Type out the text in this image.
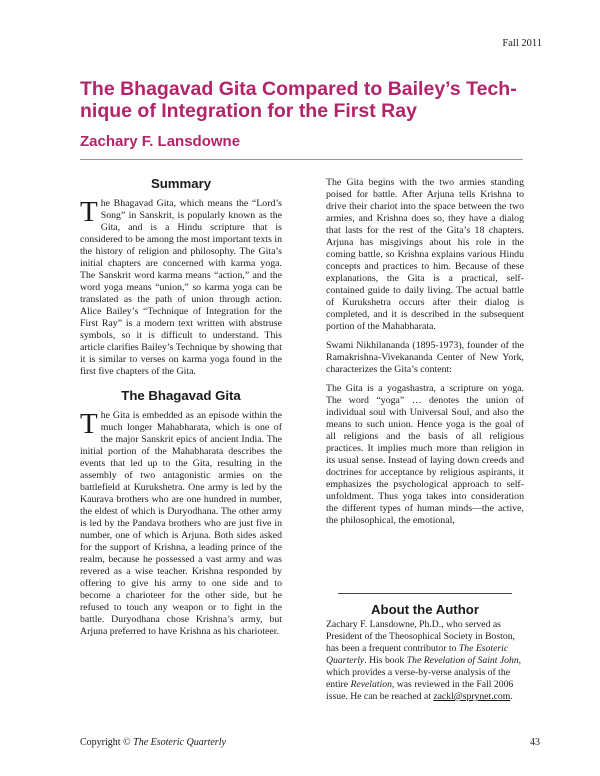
Fall 2011
The Bhagavad Gita Compared to Bailey’s Tech-nique of Integration for the First Ray
Zachary F. Lansdowne
Summary

The Bhagavad Gita, which means the “Lord’s Song” in Sanskrit, is popularly known as the Gita, and is a Hindu scripture that is considered to be among the most important texts in the history of religion and philosophy. The Gita’s initial chapters are concerned with karma yoga. The Sanskrit word karma means “action,” and the word yoga means “union,” so karma yoga can be translated as the path of union through action. Alice Bailey’s “Technique of Integration for the First Ray” is a modern text written with abstruse symbols, so it is difficult to understand. This article clarifies Bailey’s Technique by showing that it is similar to verses on karma yoga found in the first five chapters of the Gita.

The Bhagavad Gita

The Gita is embedded as an episode within the much longer Mahabharata, which is one of the major Sanskrit epics of ancient India. The initial portion of the Mahabharata describes the events that led up to the Gita, resulting in the assembly of two antagonistic armies on the battlefield at Kurukshetra. One army is led by the Kaurava brothers who are one hundred in number, the eldest of which is Duryodhana. The other army is led by the Pandava brothers who are just five in number, one of which is Arjuna. Both sides asked for the support of Krishna, a leading prince of the realm, because he possessed a vast army and was revered as a wise teacher. Krishna responded by offering to give his army to one side and to become a charioteer for the other side, but he refused to touch any weapon or to fight in the battle. Duryodhana chose Krishna’s army, but Arjuna preferred to have Krishna as his charioteer.

The Gita begins with the two armies standing poised for battle. After Arjuna tells Krishna to drive their chariot into the space between the two armies, and Krishna does so, they have a dialog that lasts for the rest of the Gita’s 18 chapters. Arjuna has misgivings about his role in the coming battle, so Krishna explains various Hindu concepts and practices to him. Because of these explanations, the Gita is a practical, self-contained guide to daily living. The actual battle of Kurukshetra occurs after their dialog is completed, and it is described in the subsequent portion of the Mahabharata.

Swami Nikhilananda (1895-1973), founder of the Ramakrishna-Vivekananda Center of New York, characterizes the Gita’s content:

The Gita is a yogashastra, a scripture on yoga. The word “yoga” … denotes the union of individual soul with Universal Soul, and also the means to such union. Hence yoga is the goal of all religions and the basis of all religious practices. It implies much more than religion in its usual sense. Instead of laying down creeds and doctrines for acceptance by religious aspirants, it emphasizes the psychological approach to self-unfoldment. Thus yoga takes into consideration the different types of human minds—the active, the philosophical, the emotional,

About the Author

Zachary F. Lansdowne, Ph.D., who served as President of the Theosophical Society in Boston, has been a frequent contributor to The Esoteric Quarterly. His book The Revelation of Saint John, which provides a verse-by-verse analysis of the entire Revelation, was reviewed in the Fall 2006 issue. He can be reached at zackl@sprynet.com.

Copyright © The Esoteric Quarterly	43
